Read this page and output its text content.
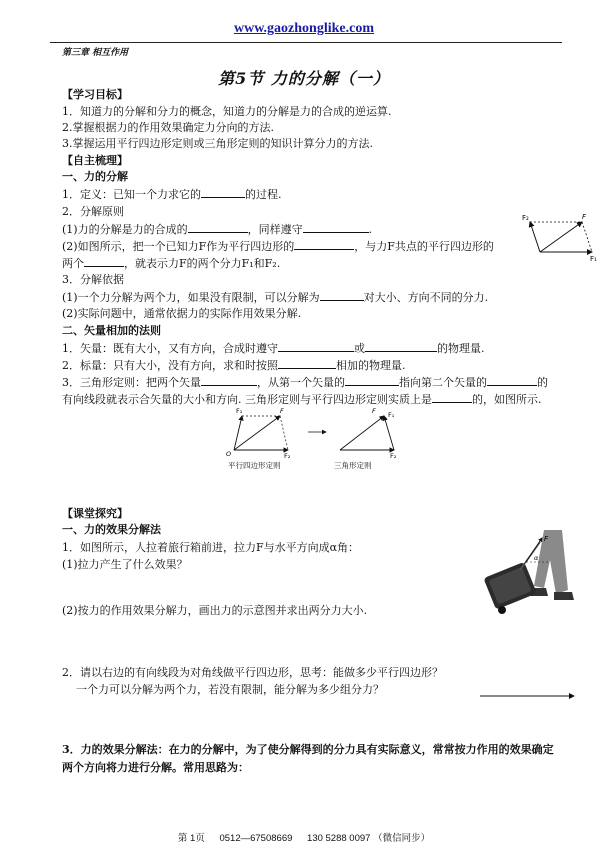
www.gaozhonglike.com
第三章 相互作用
第5节 力的分解（一）
【学习目标】
1．知道力的分解和分力的概念，知道力的分解是力的合成的逆运算.
2.掌握根据力的作用效果确定力分向的方法.
3.掌握运用平行四边形定则或三角形定则的知识计算分力的方法.
【自主梳理】
一、力的分解
1．定义：已知一个力求它的	的过程.
2．分解原则
(1)力的分解是力的合成的	，同样遵守	.
(2)如图所示，把一个已知力F作为平行四边形的	，与力F共点的平行四边形的
两个	，就表示力F的两个分力F₁和F₂.
F₂	F
F₁
3．分解依据
(1)一个力分解为两个力，如果没有限制，可以分解为	对大小、方向不同的分力.
(2)实际问题中，通常依据力的实际作用效果分解.
二、矢量相加的法则
1．矢量：既有大小，又有方向，合成时遵守	或	的物理量.
2．标量：只有大小，没有方向，求和时按照	相加的物理量.
3．三角形定则：把两个矢量	，从第一个矢量的	指向第二个矢量的	的
有向线段就表示合矢量的大小和方向. 三角形定则与平行四边形定则实质上是	的，如图所示.
F₁	F
F₂
O
F F₁
F₂
平行四边形定则	三角形定则
【课堂探究】
一、力的效果分解法
1．如图所示，人拉着旅行箱前进，拉力F与水平方向成α角：
(1)拉力产生了什么效果？
(2)按力的作用效果分解力，画出力的示意图并求出两分力大小.
F
α
2．请以右边的有向线段为对角线做平行四边形，思考：能做多少平行四边形？
一个力可以分解为两个力，若没有限制，能分解为多少组分力？
3．力的效果分解法：在力的分解中，为了使分解得到的分力具有实际意义，常常按力作用的效果确定
两个方向将力进行分解。常用思路为：
第 1页 0512—67508669 130 5288 0097 （微信同步）
